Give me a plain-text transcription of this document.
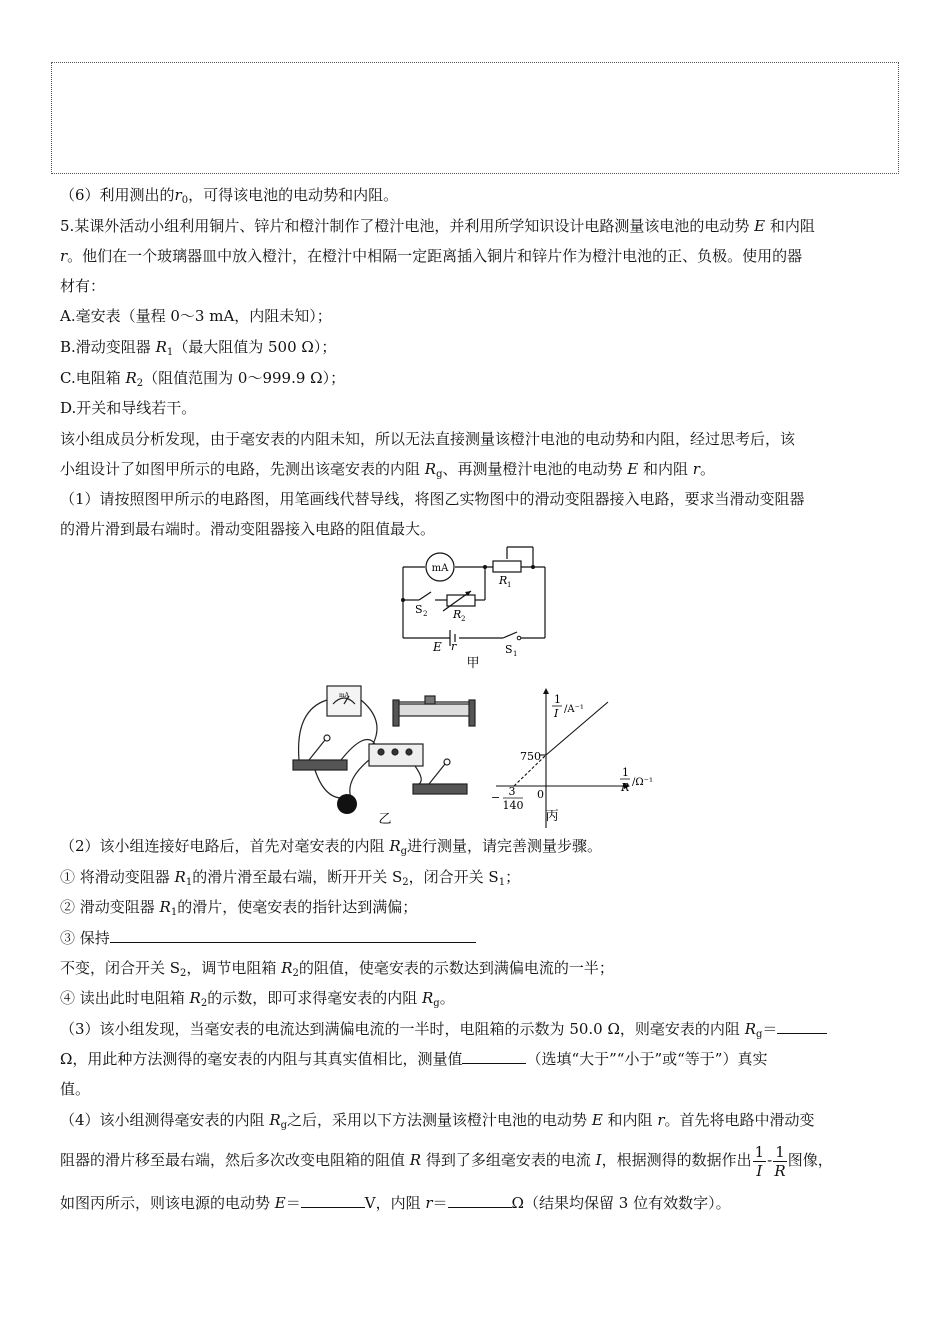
（6）利用测出的$r_0$，可得该电池的电动势和内阻。
5.某课外活动小组利用铜片、锌片和橙汁制作了橙汁电池，并利用所学知识设计电路测量该电池的电动势 E 和内阻
r。他们在一个玻璃器皿中放入橙汁，在橙汁中相隔一定距离插入铜片和锌片作为橙汁电池的正、负极。使用的器
材有：
A.毫安表（量程 0～3 mA，内阻未知）；
B.滑动变阻器 $R_1$（最大阻值为 500 Ω）；
C.电阻箱 $R_2$（阻值范围为 0～999.9 Ω）；
D.开关和导线若干。
该小组成员分析发现，由于毫安表的内阻未知，所以无法直接测量该橙汁电池的电动势和内阻，经过思考后，该
小组设计了如图甲所示的电路，先测出该毫安表的内阻 $R_g$、再测量橙汁电池的电动势 E 和内阻 r。
（1）请按照图甲所示的电路图，用笔画线代替导线，将图乙实物图中的滑动变阻器接入电路，要求当滑动变阻器
的滑片滑到最右端时。滑动变阻器接入电路的阻值最大。
mA
R 1
S 2 R 2
E r	S 1
甲
mA
乙
1
I /A⁻¹
1
R /Ω⁻¹
750
0
− 3
140
丙
（2）该小组连接好电路后，首先对毫安表的内阻 $R_g$进行测量，请完善测量步骤。
① 将滑动变阻器 $R_1$的滑片滑至最右端，断开开关 $S_2$，闭合开关 $S_1$；
② 滑动变阻器 $R_1$的滑片，使毫安表的指针达到满偏；
③ 保持
不变，闭合开关 $S_2$，调节电阻箱 $R_2$的阻值，使毫安表的示数达到满偏电流的一半；
④ 读出此时电阻箱 $R_2$的示数，即可求得毫安表的内阻 $R_g$。
（3）该小组发现，当毫安表的电流达到满偏电流的一半时，电阻箱的示数为 50.0 Ω，则毫安表的内阻 $R_g=$
Ω，用此种方法测得的毫安表的内阻与其真实值相比，测量值	（选填“大于”“小于”或“等于”）真实
值。
（4）该小组测得毫安表的内阻 $R_g$之后，采用以下方法测量该橙汁电池的电动势 E 和内阻 r。首先将电路中滑动变
阻器的滑片移至最右端，然后多次改变电阻箱的阻值 R 得到了多组毫安表的电流 I，根据测得的数据作出 $\frac{1}{I} - \frac{1}{R}$ 图像，
如图丙所示，则该电源的电动势 E＝	V，内阻 r＝	Ω（结果均保留 3 位有效数字）。
